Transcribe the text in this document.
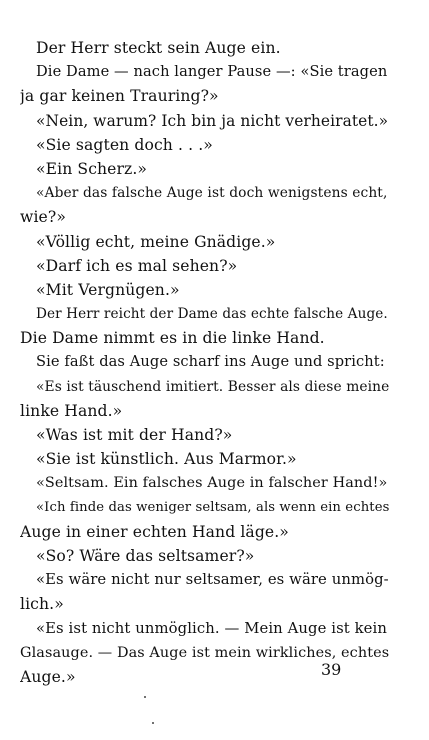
Der Herr steckt sein Auge ein.
Die Dame — nach langer Pause —: «Sie tragen
ja gar keinen Trauring?»
«Nein, warum? Ich bin ja nicht verheiratet.»
«Sie sagten doch . . .»
«Ein Scherz.»
«Aber das falsche Auge ist doch wenigstens echt,
wie?»
«Völlig echt, meine Gnädige.»
«Darf ich es mal sehen?»
«Mit Vergnügen.»
Der Herr reicht der Dame das echte falsche Auge.
Die Dame nimmt es in die linke Hand.
Sie faßt das Auge scharf ins Auge und spricht:
«Es ist täuschend imitiert. Besser als diese meine
linke Hand.»
«Was ist mit der Hand?»
«Sie ist künstlich. Aus Marmor.»
«Seltsam. Ein falsches Auge in falscher Hand!»
«Ich finde das weniger seltsam, als wenn ein echtes
Auge in einer echten Hand läge.»
«So? Wäre das seltsamer?»
«Es wäre nicht nur seltsamer, es wäre unmög-
lich.»
«Es ist nicht unmöglich. — Mein Auge ist kein
Glasauge. — Das Auge ist mein wirkliches, echtes
Auge.»	39
